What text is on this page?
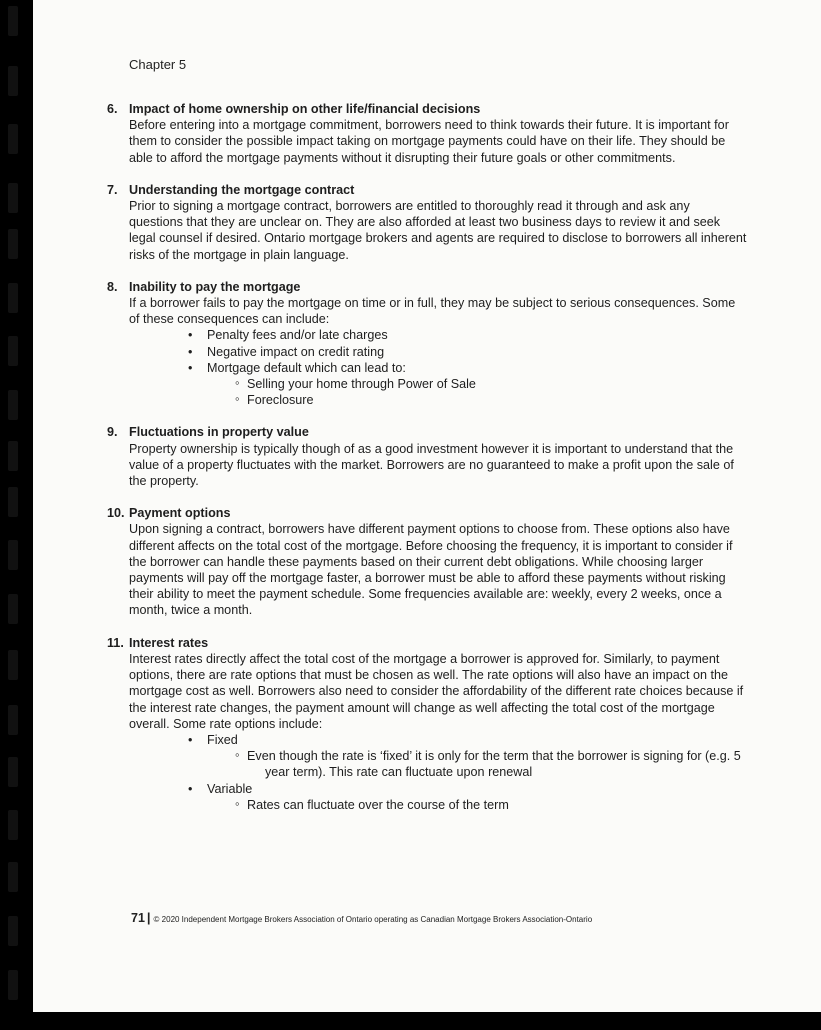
Chapter 5
6. Impact of home ownership on other life/financial decisions

Before entering into a mortgage commitment, borrowers need to think towards their future. It is important for them to consider the possible impact taking on mortgage payments could have on their life. They should be able to afford the mortgage payments without it disrupting their future goals or other commitments.

7. Understanding the mortgage contract

Prior to signing a mortgage contract, borrowers are entitled to thoroughly read it through and ask any questions that they are unclear on. They are also afforded at least two business days to review it and seek legal counsel if desired. Ontario mortgage brokers and agents are required to disclose to borrowers all inherent risks of the mortgage in plain language.

8. Inability to pay the mortgage

If a borrower fails to pay the mortgage on time or in full, they may be subject to serious consequences. Some of these consequences can include:

• Penalty fees and/or late charges
• Negative impact on credit rating
• Mortgage default which can lead to:
◦ Selling your home through Power of Sale
◦ Foreclosure
9. Fluctuations in property value

Property ownership is typically though of as a good investment however it is important to understand that the value of a property fluctuates with the market. Borrowers are no guaranteed to make a profit upon the sale of the property.

10. Payment options

Upon signing a contract, borrowers have different payment options to choose from. These options also have different affects on the total cost of the mortgage. Before choosing the frequency, it is important to consider if the borrower can handle these payments based on their current debt obligations. While choosing larger payments will pay off the mortgage faster, a borrower must be able to afford these payments without risking their ability to meet the payment schedule. Some frequencies available are: weekly, every 2 weeks, once a month, twice a month.

11. Interest rates

Interest rates directly affect the total cost of the mortgage a borrower is approved for. Similarly, to payment options, there are rate options that must be chosen as well. The rate options will also have an impact on the mortgage cost as well. Borrowers also need to consider the affordability of the different rate choices because if the interest rate changes, the payment amount will change as well affecting the total cost of the mortgage overall. Some rate options include:

• Fixed
◦ Even though the rate is ‘fixed’ it is only for the term that the borrower is signing for (e.g. 5 year term). This rate can fluctuate upon renewal
• Variable
◦ Rates can fluctuate over the course of the term
71 | © 2020 Independent Mortgage Brokers Association of Ontario operating as Canadian Mortgage Brokers Association-Ontario
